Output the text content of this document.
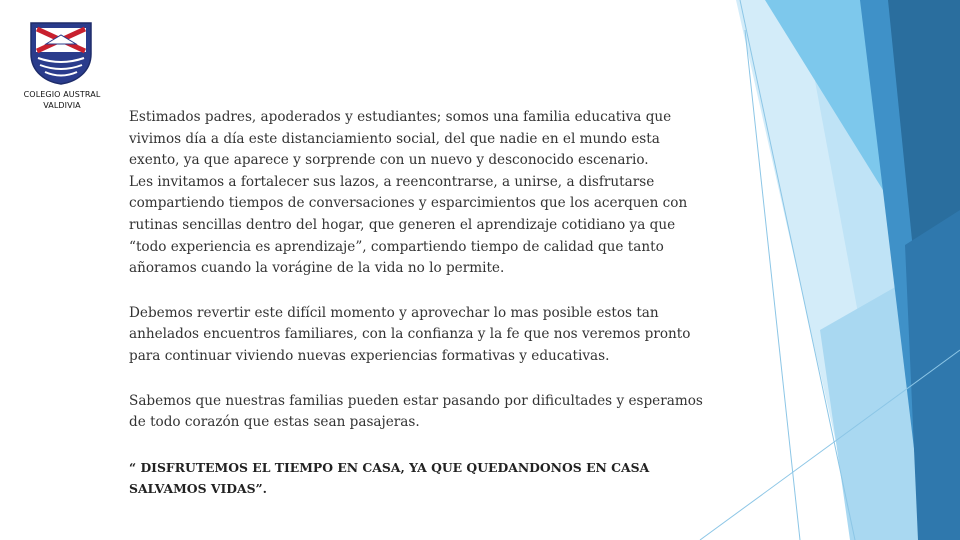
COLEGIO AUSTRAL
VALDIVIA

Estimados padres, apoderados y estudiantes; somos una familia educativa que
vivimos día a día este distanciamiento social, del que nadie en el mundo esta
exento, ya que aparece y sorprende con un nuevo y desconocido escenario.
Les invitamos a fortalecer sus lazos, a reencontrarse, a unirse, a disfrutarse
compartiendo tiempos de conversaciones y esparcimientos que los acerquen con
rutinas sencillas dentro del hogar, que generen el aprendizaje cotidiano ya que
“todo experiencia es aprendizaje”, compartiendo tiempo de calidad que tanto
añoramos cuando la vorágine de la vida no lo permite.

Debemos revertir este difícil momento y aprovechar lo mas posible estos tan
anhelados encuentros familiares, con la confianza y la fe que nos veremos pronto
para continuar viviendo nuevas experiencias formativas y educativas.

Sabemos que nuestras familias pueden estar pasando por dificultades y esperamos
de todo corazón que estas sean pasajeras.

“ DISFRUTEMOS EL TIEMPO EN CASA, YA QUE QUEDANDONOS EN CASA
SALVAMOS VIDAS”.
